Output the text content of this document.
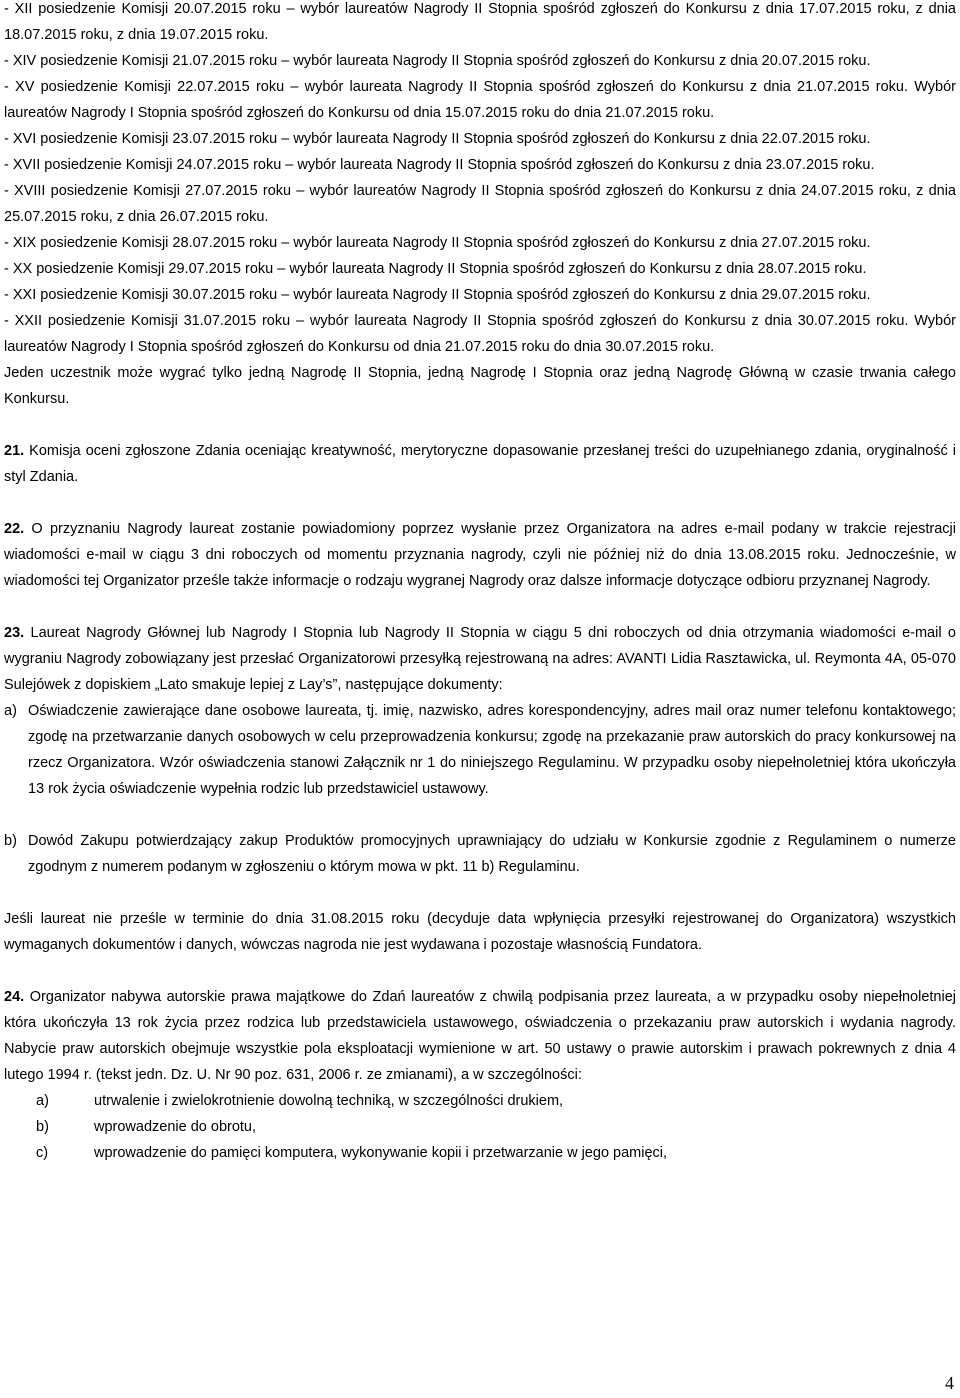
- XII posiedzenie Komisji 20.07.2015 roku – wybór laureatów Nagrody II Stopnia spośród zgłoszeń do Konkursu z dnia 17.07.2015 roku, z dnia 18.07.2015 roku, z dnia 19.07.2015 roku.

- XIV posiedzenie Komisji 21.07.2015 roku – wybór laureata Nagrody II Stopnia spośród zgłoszeń do Konkursu z dnia 20.07.2015 roku.

- XV posiedzenie Komisji 22.07.2015 roku – wybór laureata Nagrody II Stopnia spośród zgłoszeń do Konkursu z dnia 21.07.2015 roku. Wybór laureatów Nagrody I Stopnia spośród zgłoszeń do Konkursu od dnia 15.07.2015 roku do dnia 21.07.2015 roku.

- XVI posiedzenie Komisji 23.07.2015 roku – wybór laureata Nagrody II Stopnia spośród zgłoszeń do Konkursu z dnia 22.07.2015 roku.

- XVII posiedzenie Komisji 24.07.2015 roku – wybór laureata Nagrody II Stopnia spośród zgłoszeń do Konkursu z dnia 23.07.2015 roku.

- XVIII posiedzenie Komisji 27.07.2015 roku – wybór laureatów Nagrody II Stopnia spośród zgłoszeń do Konkursu z dnia 24.07.2015 roku, z dnia 25.07.2015 roku, z dnia 26.07.2015 roku.

- XIX posiedzenie Komisji 28.07.2015 roku – wybór laureata Nagrody II Stopnia spośród zgłoszeń do Konkursu z dnia 27.07.2015 roku.

- XX posiedzenie Komisji 29.07.2015 roku – wybór laureata Nagrody II Stopnia spośród zgłoszeń do Konkursu z dnia 28.07.2015 roku.

- XXI posiedzenie Komisji 30.07.2015 roku – wybór laureata Nagrody II Stopnia spośród zgłoszeń do Konkursu z dnia 29.07.2015 roku.

- XXII posiedzenie Komisji 31.07.2015 roku – wybór laureata Nagrody II Stopnia spośród zgłoszeń do Konkursu z dnia 30.07.2015 roku. Wybór laureatów Nagrody I Stopnia spośród zgłoszeń do Konkursu od dnia 21.07.2015 roku do dnia 30.07.2015 roku.

Jeden uczestnik może wygrać tylko jedną Nagrodę II Stopnia, jedną Nagrodę I Stopnia oraz jedną Nagrodę Główną w czasie trwania całego Konkursu.

21. Komisja oceni zgłoszone Zdania oceniając kreatywność, merytoryczne dopasowanie przesłanej treści do uzupełnianego zdania, oryginalność i styl Zdania.

22. O przyznaniu Nagrody laureat zostanie powiadomiony poprzez wysłanie przez Organizatora na adres e-mail podany w trakcie rejestracji wiadomości e-mail w ciągu 3 dni roboczych od momentu przyznania nagrody, czyli nie później niż do dnia 13.08.2015 roku. Jednocześnie, w wiadomości tej Organizator prześle także informacje o rodzaju wygranej Nagrody oraz dalsze informacje dotyczące odbioru przyznanej Nagrody.

23. Laureat Nagrody Głównej lub Nagrody I Stopnia lub Nagrody II Stopnia w ciągu 5 dni roboczych od dnia otrzymania wiadomości e-mail o wygraniu Nagrody zobowiązany jest przesłać Organizatorowi przesyłką rejestrowaną na adres: AVANTI Lidia Rasztawicka, ul. Reymonta 4A, 05-070 Sulejówek z dopiskiem „Lato smakuje lepiej z Lay’s”, następujące dokumenty:

a) Oświadczenie zawierające dane osobowe laureata, tj. imię, nazwisko, adres korespondencyjny, adres mail oraz numer telefonu kontaktowego; zgodę na przetwarzanie danych osobowych w celu przeprowadzenia konkursu; zgodę na przekazanie praw autorskich do pracy konkursowej na rzecz Organizatora. Wzór oświadczenia stanowi Załącznik nr 1 do niniejszego Regulaminu. W przypadku osoby niepełnoletniej która ukończyła 13 rok życia oświadczenie wypełnia rodzic lub przedstawiciel ustawowy.
b) Dowód Zakupu potwierdzający zakup Produktów promocyjnych uprawniający do udziału w Konkursie zgodnie z Regulaminem o numerze zgodnym z numerem podanym w zgłoszeniu o którym mowa w pkt. 11 b) Regulaminu.

Jeśli laureat nie prześle w terminie do dnia 31.08.2015 roku (decyduje data wpłynięcia przesyłki rejestrowanej do Organizatora) wszystkich wymaganych dokumentów i danych, wówczas nagroda nie jest wydawana i pozostaje własnością Fundatora.

24. Organizator nabywa autorskie prawa majątkowe do Zdań laureatów z chwilą podpisania przez laureata, a w przypadku osoby niepełnoletniej która ukończyła 13 rok życia przez rodzica lub przedstawiciela ustawowego, oświadczenia o przekazaniu praw autorskich i wydania nagrody. Nabycie praw autorskich obejmuje wszystkie pola eksploatacji wymienione w art. 50 ustawy o prawie autorskim i prawach pokrewnych z dnia 4 lutego 1994 r. (tekst jedn. Dz. U. Nr 90 poz. 631, 2006 r. ze zmianami), a w szczególności:

a)	utrwalenie i zwielokrotnienie dowolną techniką, w szczególności drukiem,
b)	wprowadzenie do obrotu,
c)	wprowadzenie do pamięci komputera, wykonywanie kopii i przetwarzanie w jego pamięci,
4
